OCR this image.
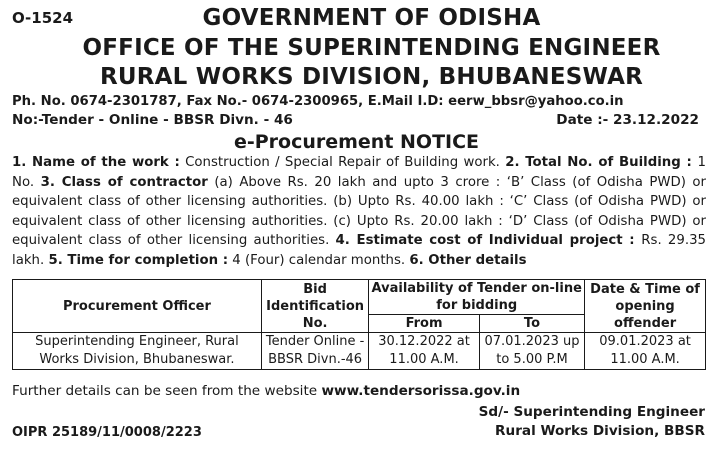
O-1524	GOVERNMENT OF ODISHA
OFFICE OF THE SUPERINTENDING ENGINEER
RURAL WORKS DIVISION, BHUBANESWAR
Ph. No. 0674-2301787, Fax No.- 0674-2300965, E.Mail I.D: eerw_bbsr@yahoo.co.in
No:-Tender - Online - BBSR Divn. - 46	Date :- 23.12.2022
e-Procurement NOTICE
1. Name of the work : Construction / Special Repair of Building work. 2. Total No. of Building : 1 No. 3. Class of contractor (a) Above Rs. 20 lakh and upto 3 crore : ‘B’ Class (of Odisha PWD) or equivalent class of other licensing authorities. (b) Upto Rs. 40.00 lakh : ‘C’ Class (of Odisha PWD) or equivalent class of other licensing authorities. (c) Upto Rs. 20.00 lakh : ‘D’ Class (of Odisha PWD) or equivalent class of other licensing authorities. 4. Estimate cost of Individual project : Rs. 29.35 lakh. 5. Time for completion : 4 (Four) calendar months. 6. Other details
Procurement Officer	Bid Identification No.	Availability of Tender on-line for bidding		Date & Time of opening offender
		From	To	
Superintending Engineer, Rural Works Division, Bhubaneswar.	Tender Online -BBSR Divn.-46	30.12.2022 at 11.00 A.M.	07.01.2023 up to 5.00 P.M	09.01.2023 at 11.00 A.M.
Further details can be seen from the website www.tendersorissa.gov.in
Sd/- Superintending Engineer
OIPR 25189/11/0008/2223	Rural Works Division, BBSR
